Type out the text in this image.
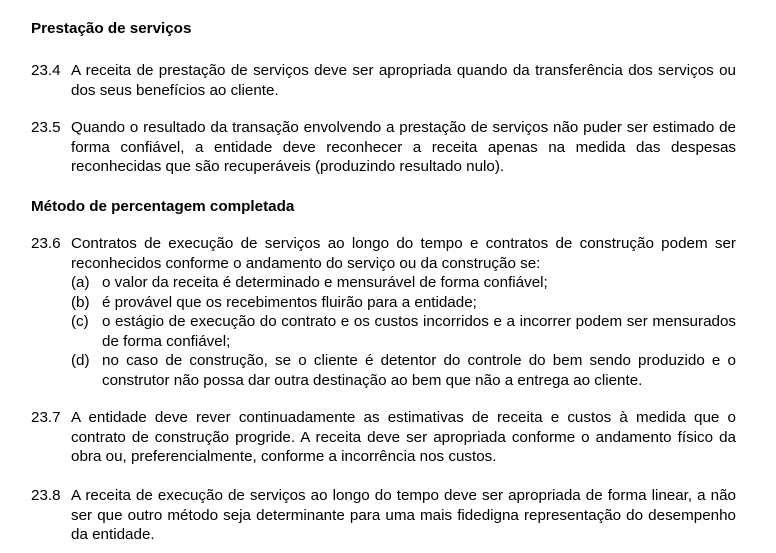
Prestação de serviços
23.4 A receita de prestação de serviços deve ser apropriada quando da transferência dos serviços ou dos seus benefícios ao cliente.
23.5 Quando o resultado da transação envolvendo a prestação de serviços não puder ser estimado de forma confiável, a entidade deve reconhecer a receita apenas na medida das despesas reconhecidas que são recuperáveis (produzindo resultado nulo).
Método de percentagem completada
23.6 Contratos de execução de serviços ao longo do tempo e contratos de construção podem ser reconhecidos conforme o andamento do serviço ou da construção se:
(a) o valor da receita é determinado e mensurável de forma confiável;
(b) é provável que os recebimentos fluirão para a entidade;
(c) o estágio de execução do contrato e os custos incorridos e a incorrer podem ser mensurados de forma confiável;
(d) no caso de construção, se o cliente é detentor do controle do bem sendo produzido e o construtor não possa dar outra destinação ao bem que não a entrega ao cliente.
23.7 A entidade deve rever continuadamente as estimativas de receita e custos à medida que o contrato de construção progride. A receita deve ser apropriada conforme o andamento físico da obra ou, preferencialmente, conforme a incorrência nos custos.
23.8 A receita de execução de serviços ao longo do tempo deve ser apropriada de forma linear, a não ser que outro método seja determinante para uma mais fidedigna representação do desempenho da entidade.
